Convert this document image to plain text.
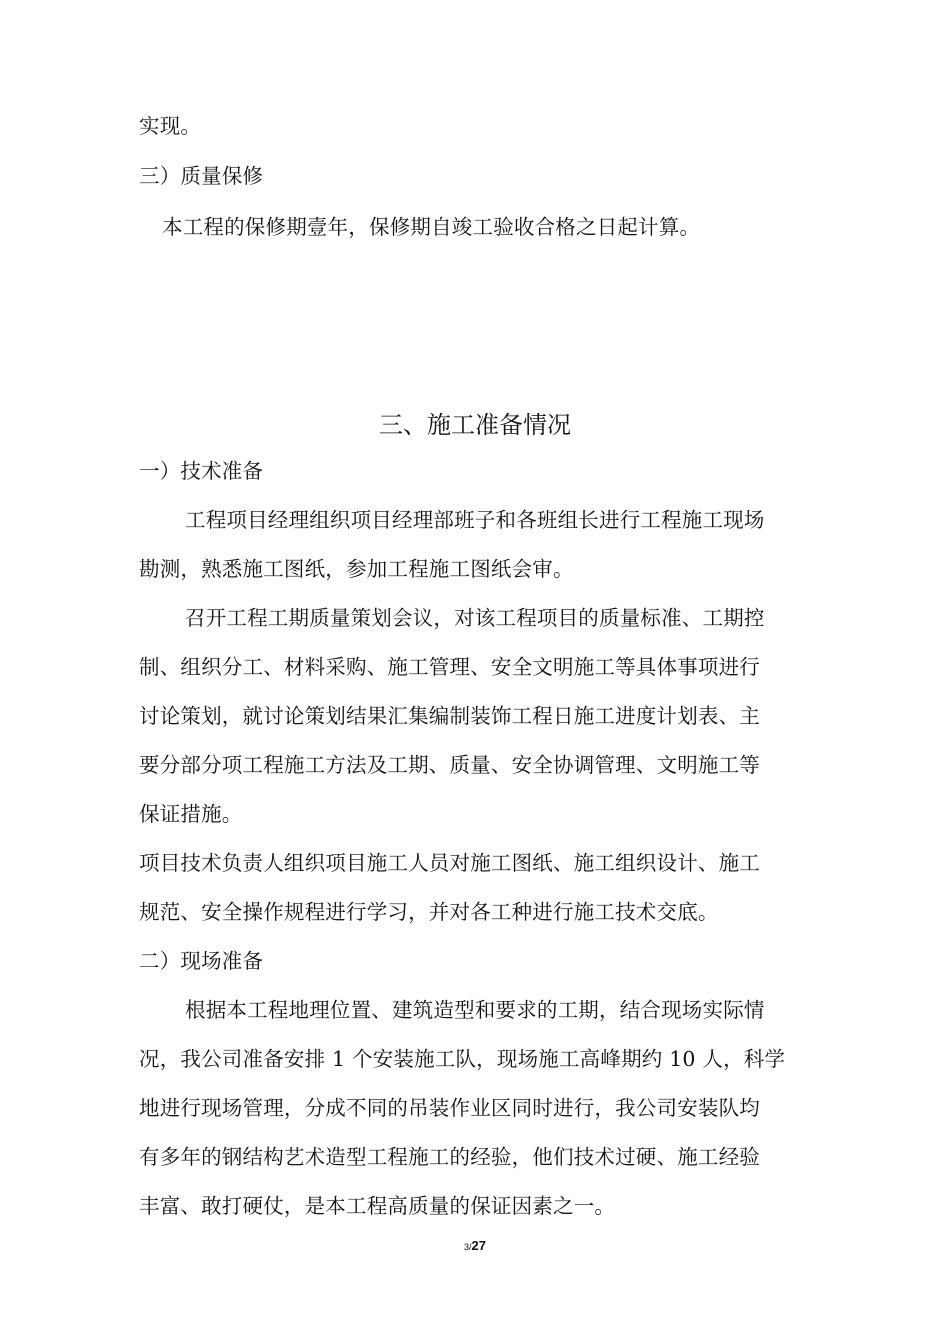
实现。
三）质量保修
本工程的保修期壹年，保修期自竣工验收合格之日起计算。
三、施工准备情况
一）技术准备
工程项目经理组织项目经理部班子和各班组长进行工程施工现场
勘测，熟悉施工图纸，参加工程施工图纸会审。
召开工程工期质量策划会议，对该工程项目的质量标准、工期控
制、组织分工、材料采购、施工管理、安全文明施工等具体事项进行
讨论策划，就讨论策划结果汇集编制装饰工程日施工进度计划表、主
要分部分项工程施工方法及工期、质量、安全协调管理、文明施工等
保证措施。
项目技术负责人组织项目施工人员对施工图纸、施工组织设计、施工
规范、安全操作规程进行学习，并对各工种进行施工技术交底。
二）现场准备
根据本工程地理位置、建筑造型和要求的工期，结合现场实际情
况，我公司准备安排 1 个安装施工队，现场施工高峰期约 10 人，科学
地进行现场管理，分成不同的吊装作业区同时进行，我公司安装队均
有多年的钢结构艺术造型工程施工的经验，他们技术过硬、施工经验
丰富、敢打硬仗，是本工程高质量的保证因素之一。
3/27
